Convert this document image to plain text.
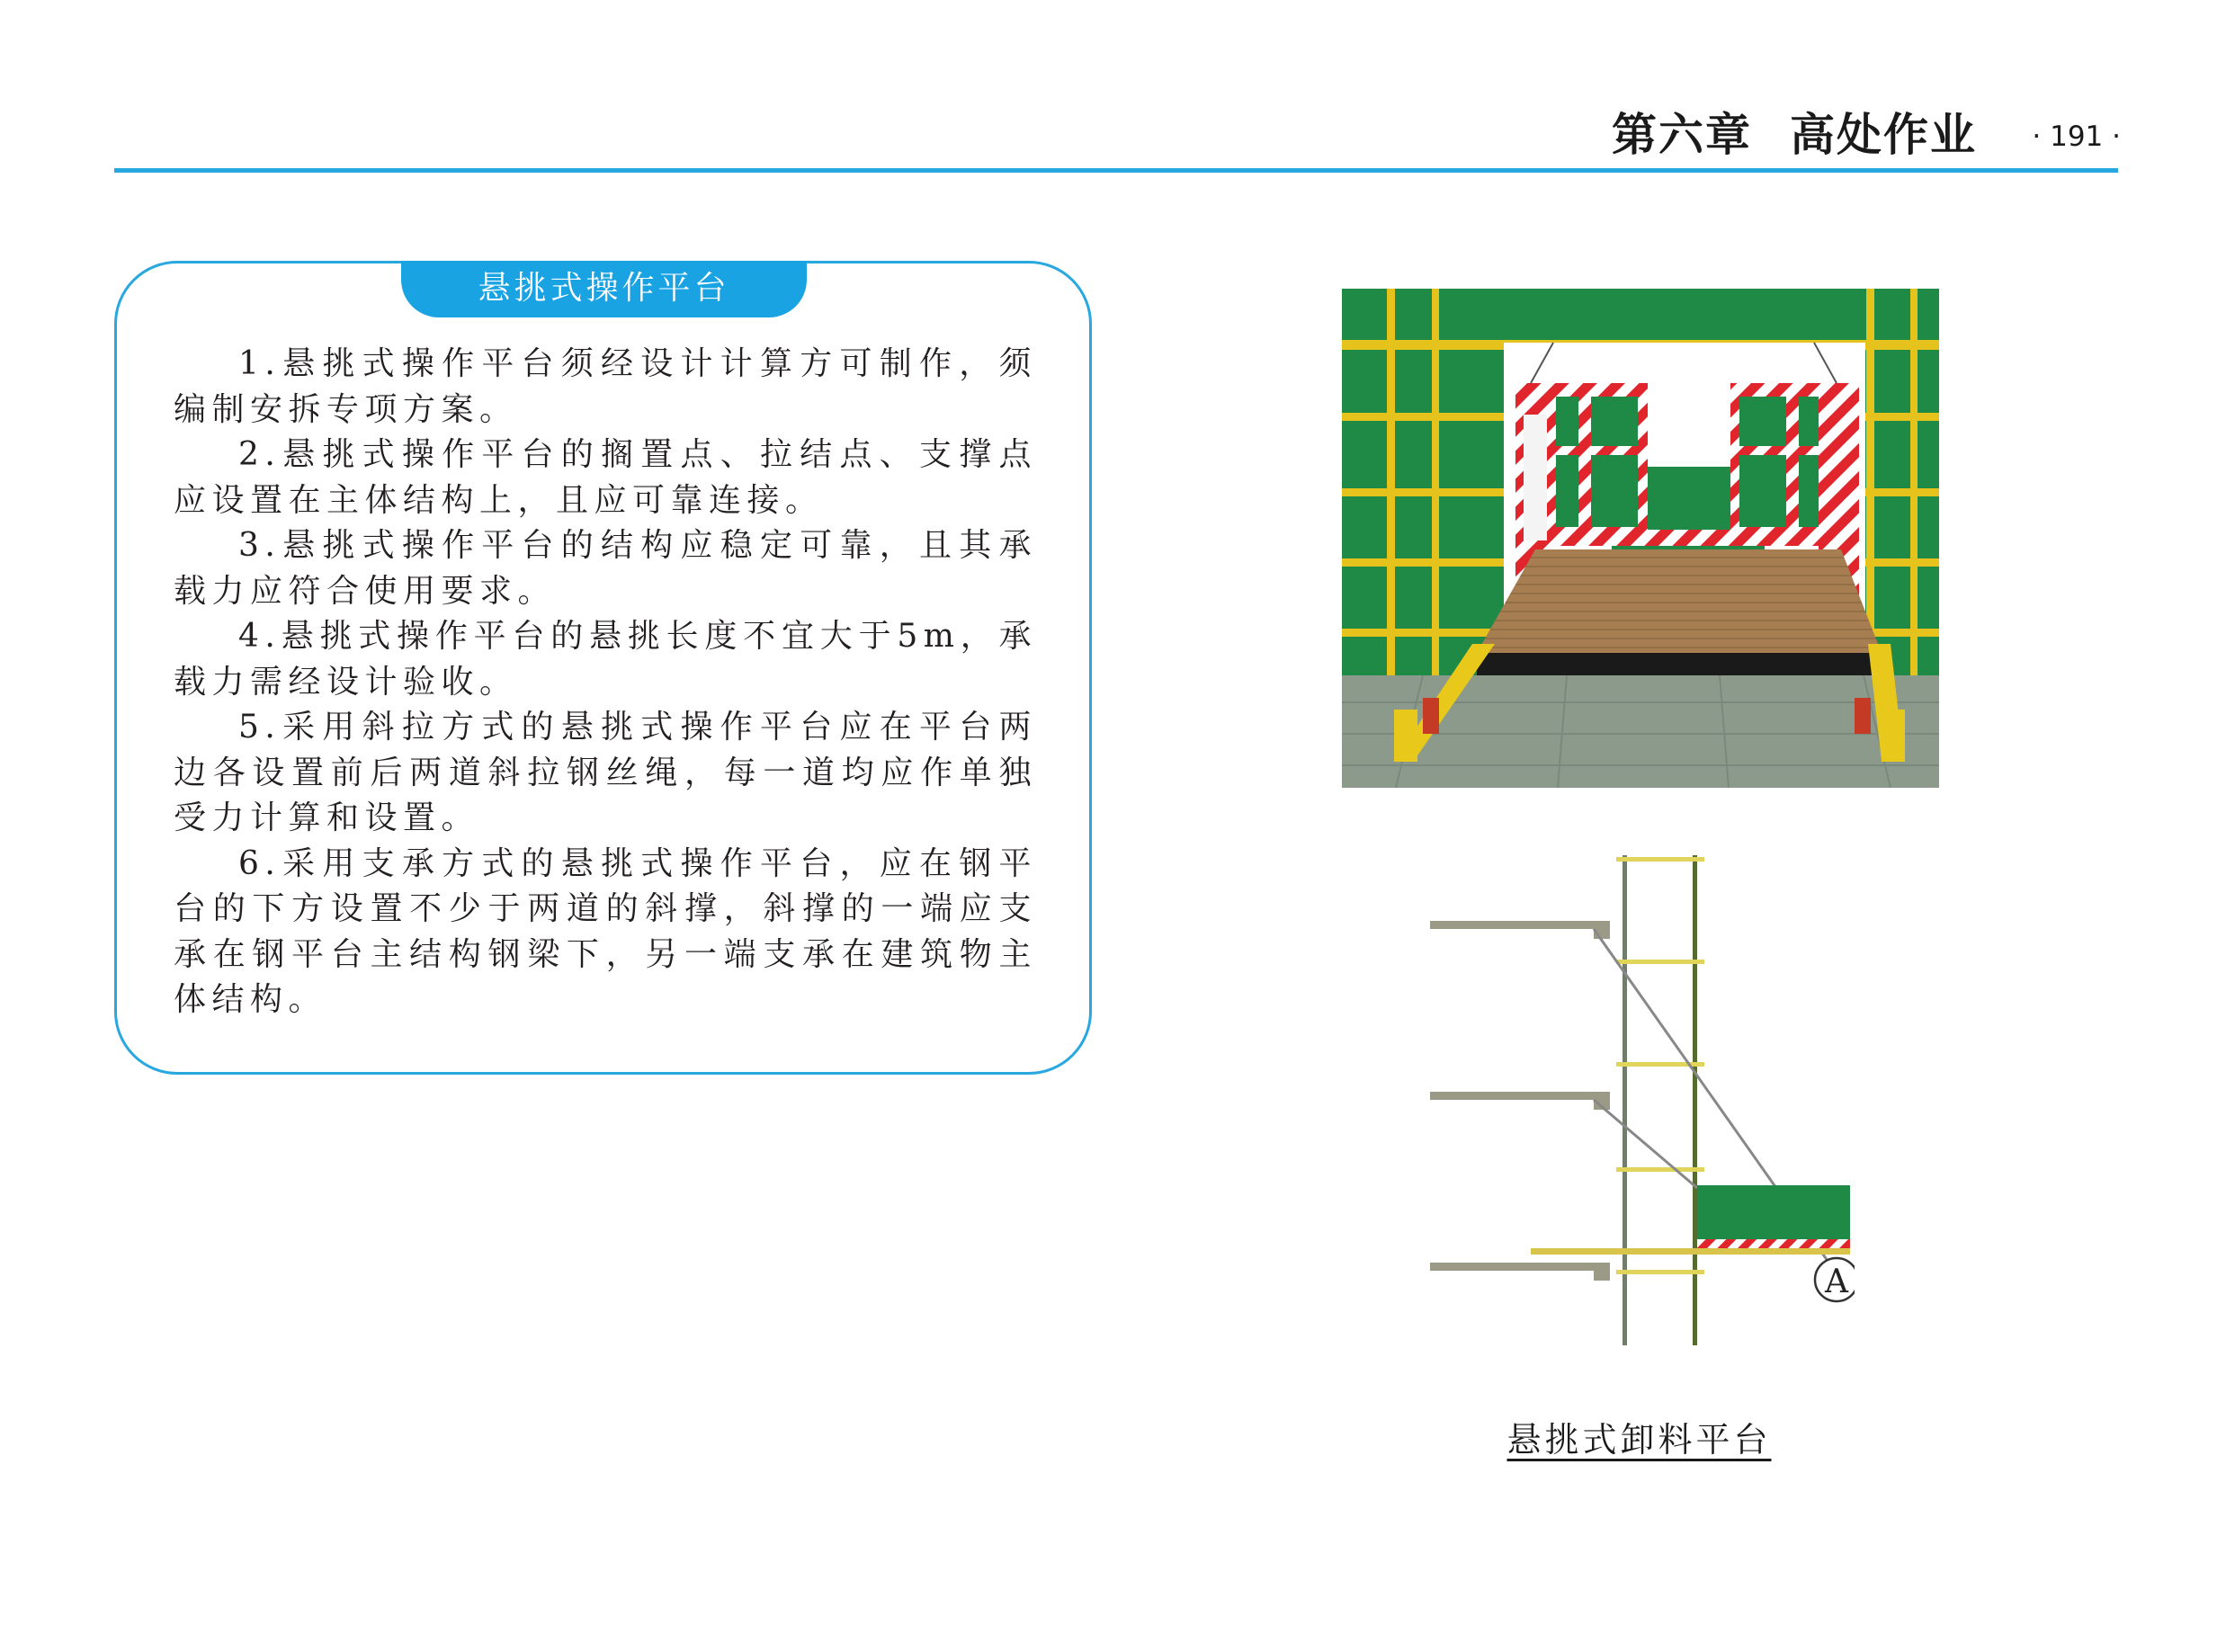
第六章 高处作业 · 191 ·
悬挑式操作平台

1.悬挑式操作平台须经设计计算方可制作，须编制安拆专项方案。

2.悬挑式操作平台的搁置点、拉结点、支撑点应设置在主体结构上，且应可靠连接。

3.悬挑式操作平台的结构应稳定可靠，且其承载力应符合使用要求。

4.悬挑式操作平台的悬挑长度不宜大于5m，承载力需经设计验收。

5.采用斜拉方式的悬挑式操作平台应在平台两边各设置前后两道斜拉钢丝绳，每一道均应作单独受力计算和设置。

6.采用支承方式的悬挑式操作平台，应在钢平台的下方设置不少于两道的斜撑，斜撑的一端应支承在钢平台主结构钢梁下，另一端支承在建筑物主体结构。

A
悬挑式卸料平台
